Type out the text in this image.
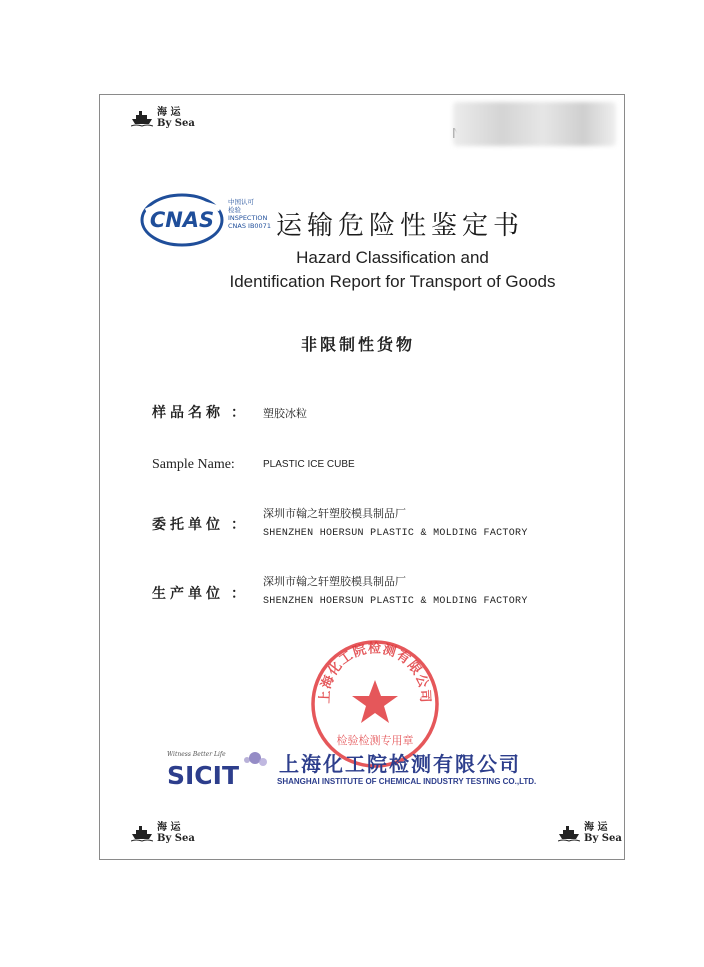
海 运
By Sea
CNAS
中国认可
检验
INSPECTION
CNAS IB0071 运输危险性鉴定书
Hazard Classification and
Identification Report for Transport of Goods
非限制性货物
样品名称 ： 塑胶冰粒
Sample Name:	PLASTIC ICE CUBE
委托单位 ：
深圳市翰之轩塑胶模具制品厂
SHENZHEN HOERSUN PLASTIC & MOLDING FACTORY
生产单位 ：
深圳市翰之轩塑胶模具制品厂
SHENZHEN HOERSUN PLASTIC & MOLDING FACTORY
上海化工院检测有限公司
检验检测专用章
Witness Better Life
SICIT 上海化工院检测有限公司
SHANGHAI INSTITUTE OF CHEMICAL INDUSTRY TESTING CO.,LTD.
海 运
By Sea
海 运
By Sea
